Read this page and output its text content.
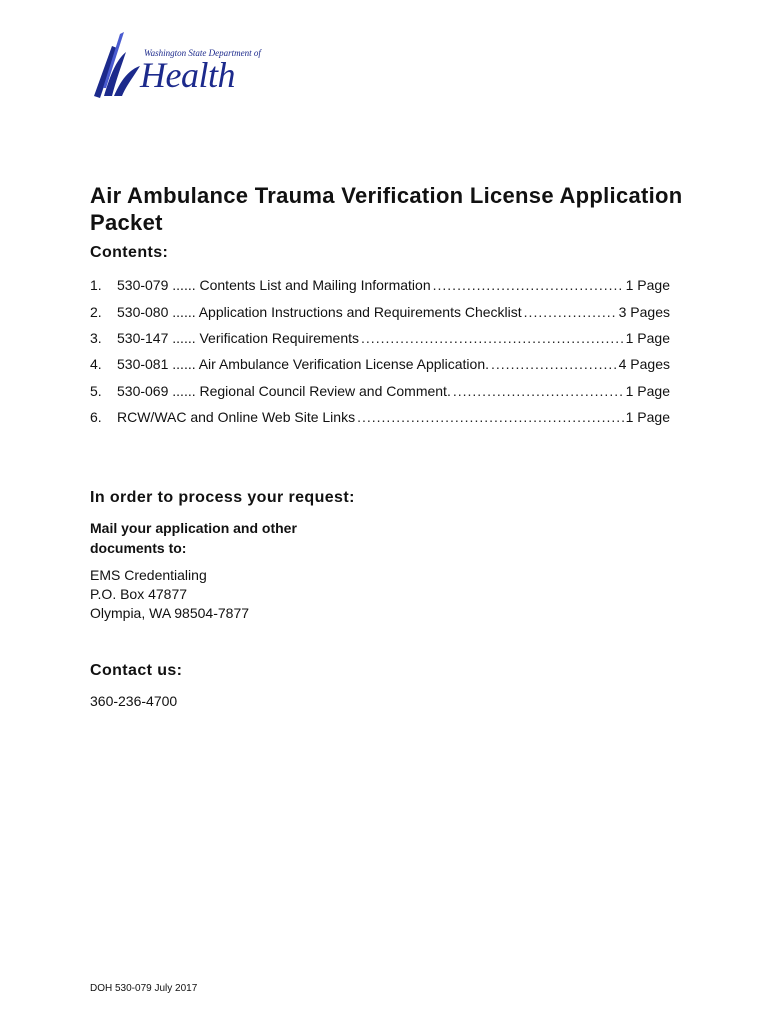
Washington State Department of
Health
Air Ambulance Trauma Verification License Application Packet
Contents:
1.	530-079 ...... Contents List and Mailing Information .....	1 Page
2.	530-080 ...... Application Instructions and Requirements Checklist .....	3 Pages
3.	530-147 ...... Verification Requirements .....	1 Page
4.	530-081 ...... Air Ambulance Verification License Application. .....	4 Pages
5.	530-069 ...... Regional Council Review and Comment. .....	1 Page
6.	RCW/WAC and Online Web Site Links .....	1 Page
In order to process your request:

Mail your application and other documents to:

EMS Credentialing
P.O. Box 47877
Olympia, WA 98504-7877
Contact us:
360-236-4700
DOH 530-079 July 2017
